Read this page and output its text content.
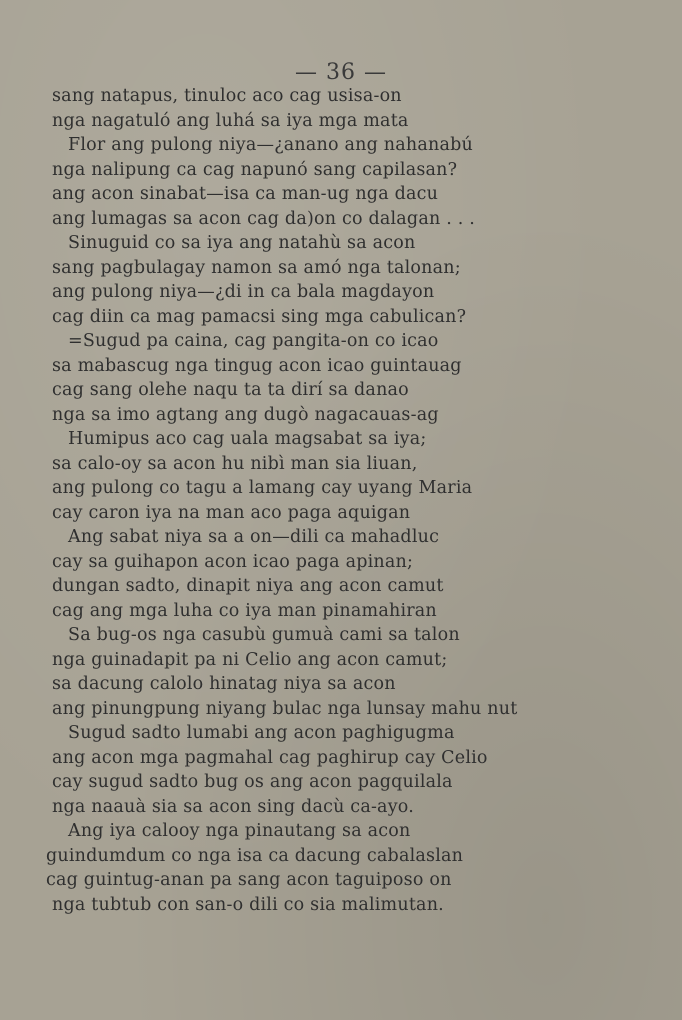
— 36 —
sang natapus, tinuloc aco cag usisa-on
nga nagatuló ang luhá sa iya mga mata
Flor ang pulong niya—¿anano ang nahanabú
nga nalipung ca cag napunó sang capilasan?
ang acon sinabat—isa ca man-ug nga dacu
ang lumagas sa acon cag da)on co dalagan . . .
Sinuguid co sa iya ang natahù sa acon
sang pagbulagay namon sa amó nga talonan;
ang pulong niya—¿di in ca bala magdayon
cag diin ca mag pamacsi sing mga cabulican?
=Sugud pa caina, cag pangita-on co icao
sa mabascug nga tingug acon icao guintauag
cag sang olehe naqu ta ta dirí sa danao
nga sa imo agtang ang dugò nagacauas-ag
Humipus aco cag uala magsabat sa iya;
sa calo-oy sa acon hu nibì man sia liuan,
ang pulong co tagu a lamang cay uyang Maria
cay caron iya na man aco paga aquigan
Ang sabat niya sa a on—dili ca mahadluc
cay sa guihapon acon icao paga apinan;
dungan sadto, dinapit niya ang acon camut
cag ang mga luha co iya man pinamahiran
Sa bug-os nga casubù gumuà cami sa talon
nga guinadapit pa ni Celio ang acon camut;
sa dacung calolo hinatag niya sa acon
ang pinungpung niyang bulac nga lunsay mahu nut
Sugud sadto lumabi ang acon paghigugma
ang acon mga pagmahal cag paghirup cay Celio
cay sugud sadto bug os ang acon pagquilala
nga naauà sia sa acon sing dacù ca-ayo.
Ang iya calooy nga pinautang sa acon
guindumdum co nga isa ca dacung cabalaslan
cag guintug-anan pa sang acon taguiposo on
nga tubtub con san-o dili co sia malimutan.
